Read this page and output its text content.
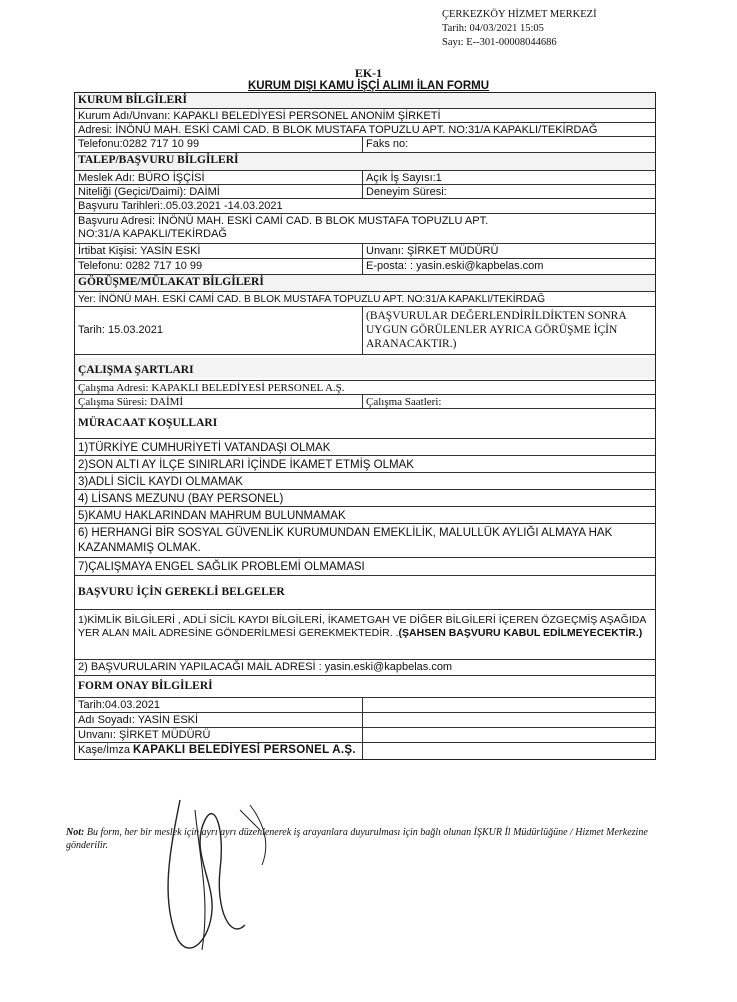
ÇERKEZKÖY HİZMET MERKEZİ
Tarih: 04/03/2021 15:05
Sayı: E--301-00008044686
EK-1
KURUM DIŞI KAMU İŞÇİ ALIMI İLAN FORMU
KURUM BİLGİLERİ
Kurum Adı/Unvanı: KAPAKLI BELEDİYESİ PERSONEL ANONİM ŞİRKETİ
Adresi: İNÖNÜ MAH. ESKİ CAMİ CAD. B BLOK MUSTAFA TOPUZLU APT. NO:31/A KAPAKLI/TEKİRDAĞ
Telefonu:0282 717 10 99	Faks no:
TALEP/BAŞVURU BİLGİLERİ
Meslek Adı: BÜRO İŞÇİSİ	Açık İş Sayısı:1
Niteliği (Geçici/Daimi): DAİMİ	Deneyim Süresi:
Başvuru Tarihleri:.05.03.2021 -14.03.2021
Başvuru Adresi: İNÖNÜ MAH. ESKİ CAMİ CAD. B BLOK MUSTAFA TOPUZLU APT. NO:31/A KAPAKLI/TEKİRDAĞ
İrtibat Kişisi: YASİN ESKİ	Unvanı: ŞİRKET MÜDÜRÜ
Telefonu: 0282 717 10 99	E-posta: : yasin.eski@kapbelas.com
GÖRÜŞME/MÜLAKAT BİLGİLERİ
Yer: İNÖNÜ MAH. ESKİ CAMİ CAD. B BLOK MUSTAFA TOPUZLU APT. NO:31/A KAPAKLI/TEKİRDAĞ
Tarih: 15.03.2021
(BAŞVURULAR DEĞERLENDİRİLDİKTEN SONRA UYGUN GÖRÜLENLER AYRICA GÖRÜŞME İÇİN ARANACAKTIR.)
ÇALIŞMA ŞARTLARI
Çalışma Adresi: KAPAKLI BELEDİYESİ PERSONEL A.Ş.
Çalışma Süresi: DAİMİ	Çalışma Saatleri:
MÜRACAAT KOŞULLARI
1)TÜRKİYE CUMHURİYETİ VATANDAŞI OLMAK
2)SON ALTI AY İLÇE SINIRLARI İÇİNDE İKAMET ETMİŞ OLMAK
3)ADLİ SİCİL KAYDI OLMAMAK
4) LİSANS MEZUNU (BAY PERSONEL)
5)KAMU HAKLARINDAN MAHRUM BULUNMAMAK
6) HERHANGİ BİR SOSYAL GÜVENLİK KURUMUNDAN EMEKLİLİK, MALULLÜK AYLIĞI ALMAYA HAK KAZANMAMIŞ OLMAK.
7)ÇALIŞMAYA ENGEL SAĞLIK PROBLEMİ OLMAMASI
BAŞVURU İÇİN GEREKLİ BELGELER
1)KİMLİK BİLGİLERİ , ADLİ SİCİL KAYDI BİLGİLERİ, İKAMETGAH VE DİĞER BİLGİLERİ İÇEREN ÖZGEÇMİŞ AŞAĞIDA YER ALAN MAİL ADRESİNE GÖNDERİLMESİ GEREKMEKTEDİR. .(ŞAHSEN BAŞVURU KABUL EDİLMEYECEKTİR.)
2) BAŞVURULARIN YAPILACAĞI MAİL ADRESİ : yasin.eski@kapbelas.com
FORM ONAY BİLGİLERİ
Tarih:04.03.2021
Adı Soyadı: YASİN ESKİ
Unvanı: ŞİRKET MÜDÜRÜ
Kaşe/İmza KAPAKLI BELEDİYESİ PERSONEL A.Ş.
Not: Bu form, her bir meslek için ayrı ayrı düzenlenerek iş arayanlara duyurulması için bağlı olunan İŞKUR İl Müdürlüğüne / Hizmet Merkezine gönderilir.
